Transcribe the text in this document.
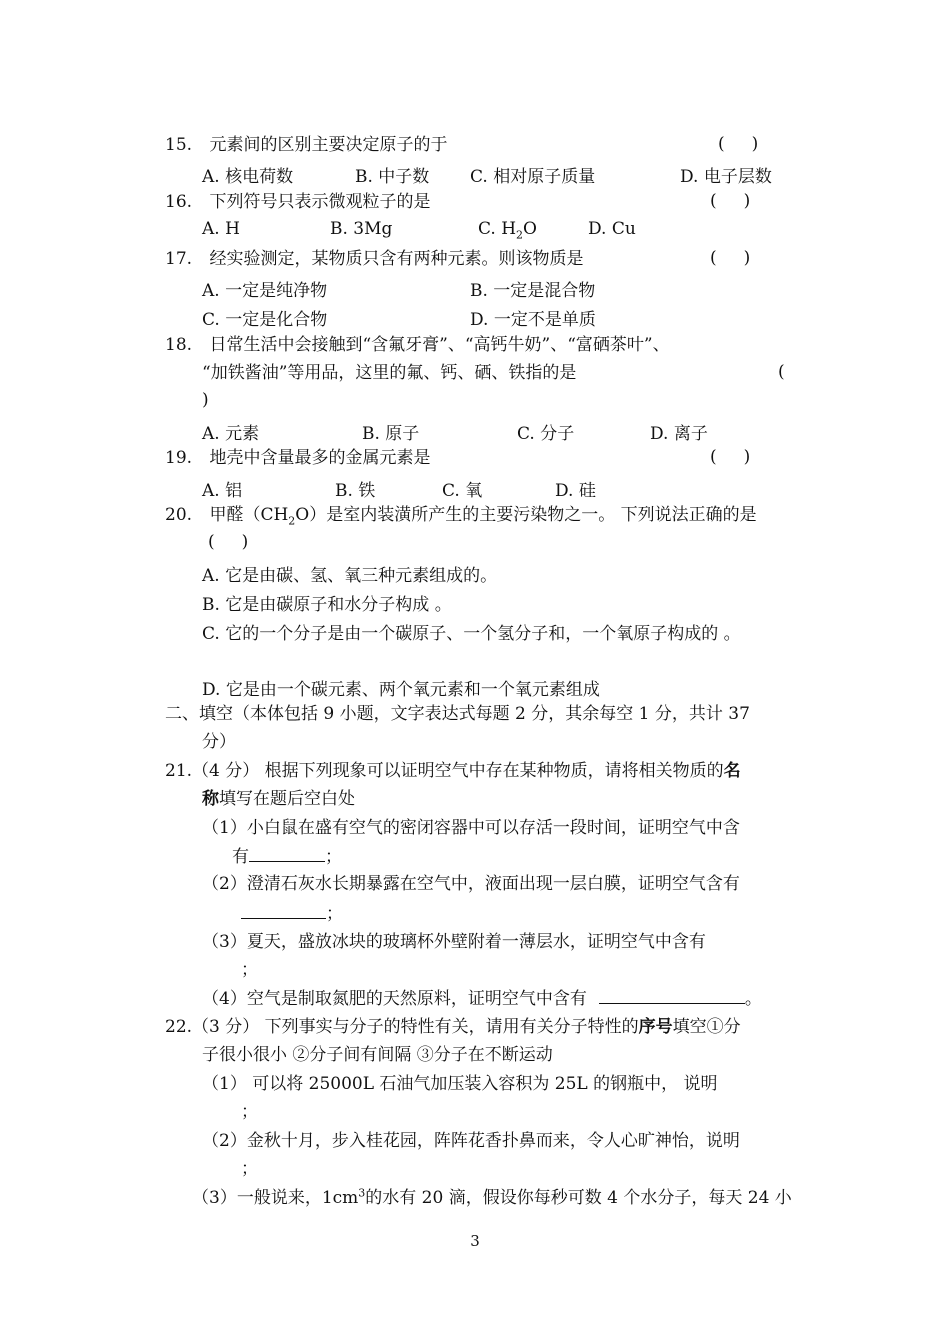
15. 元素间的区别主要决定原子的于	(     )
A. 核电荷数	B. 中子数 C. 相对原子质量	D. 电子层数
16. 下列符号只表示微观粒子的是	(     )
A. H	B. 3Mg	C. $H_2O$	D. Cu
17. 经实验测定，某物质只含有两种元素。则该物质是	(     )
A. 一定是纯净物	B. 一定是混合物
C. 一定是化合物	D. 一定不是单质
18. 日常生活中会接触到“含氟牙膏”、“高钙牛奶”、“富硒茶叶”、
“加铁酱油”等用品，这里的氟、钙、硒、铁指的是	(
)
A. 元素	B. 原子	C. 分子	D. 离子
19. 地壳中含量最多的金属元素是	(     )
A. 铝	B. 铁	C. 氧	D. 硅
20. 甲醛$(CH_2O)$是室内装潢所产生的主要污染物之一。 下列说法正确的是
(     )
A. 它是由碳、氢、氧三种元素组成的。
B. 它是由碳原子和水分子构成 。
C. 它的一个分子是由一个碳原子、一个氢分子和，一个氧原子构成的 。
D. 它是由一个碳元素、两个氧元素和一个氧元素组成
二、填空（本体包括 9 小题，文字表达式每题 2 分，其余每空 1 分，共计 37
分）
21.（4 分） 根据下列现象可以证明空气中存在某种物质，请将相关物质的名
称填写在题后空白处
（1）小白鼠在盛有空气的密闭容器中可以存活一段时间，证明空气中含
有	；
（2）澄清石灰水长期暴露在空气中，液面出现一层白膜，证明空气含有
；
（3）夏天，盛放冰块的玻璃杯外壁附着一薄层水，证明空气中含有
；
（4）空气是制取氮肥的天然原料，证明空气中含有	。
22.（3 分） 下列事实与分子的特性有关，请用有关分子特性的序号填空①分
子很小很小 ②分子间有间隔 ③分子在不断运动
（1） 可以将 25000L 石油气加压装入容积为 25L 的钢瓶中， 说明
；
（2）金秋十月，步入桂花园，阵阵花香扑鼻而来，令人心旷神怡，说明
；
（3）一般说来，$1cm^3$的水有 20 滴，假设你每秒可数 4 个水分子，每天 24 小
3
